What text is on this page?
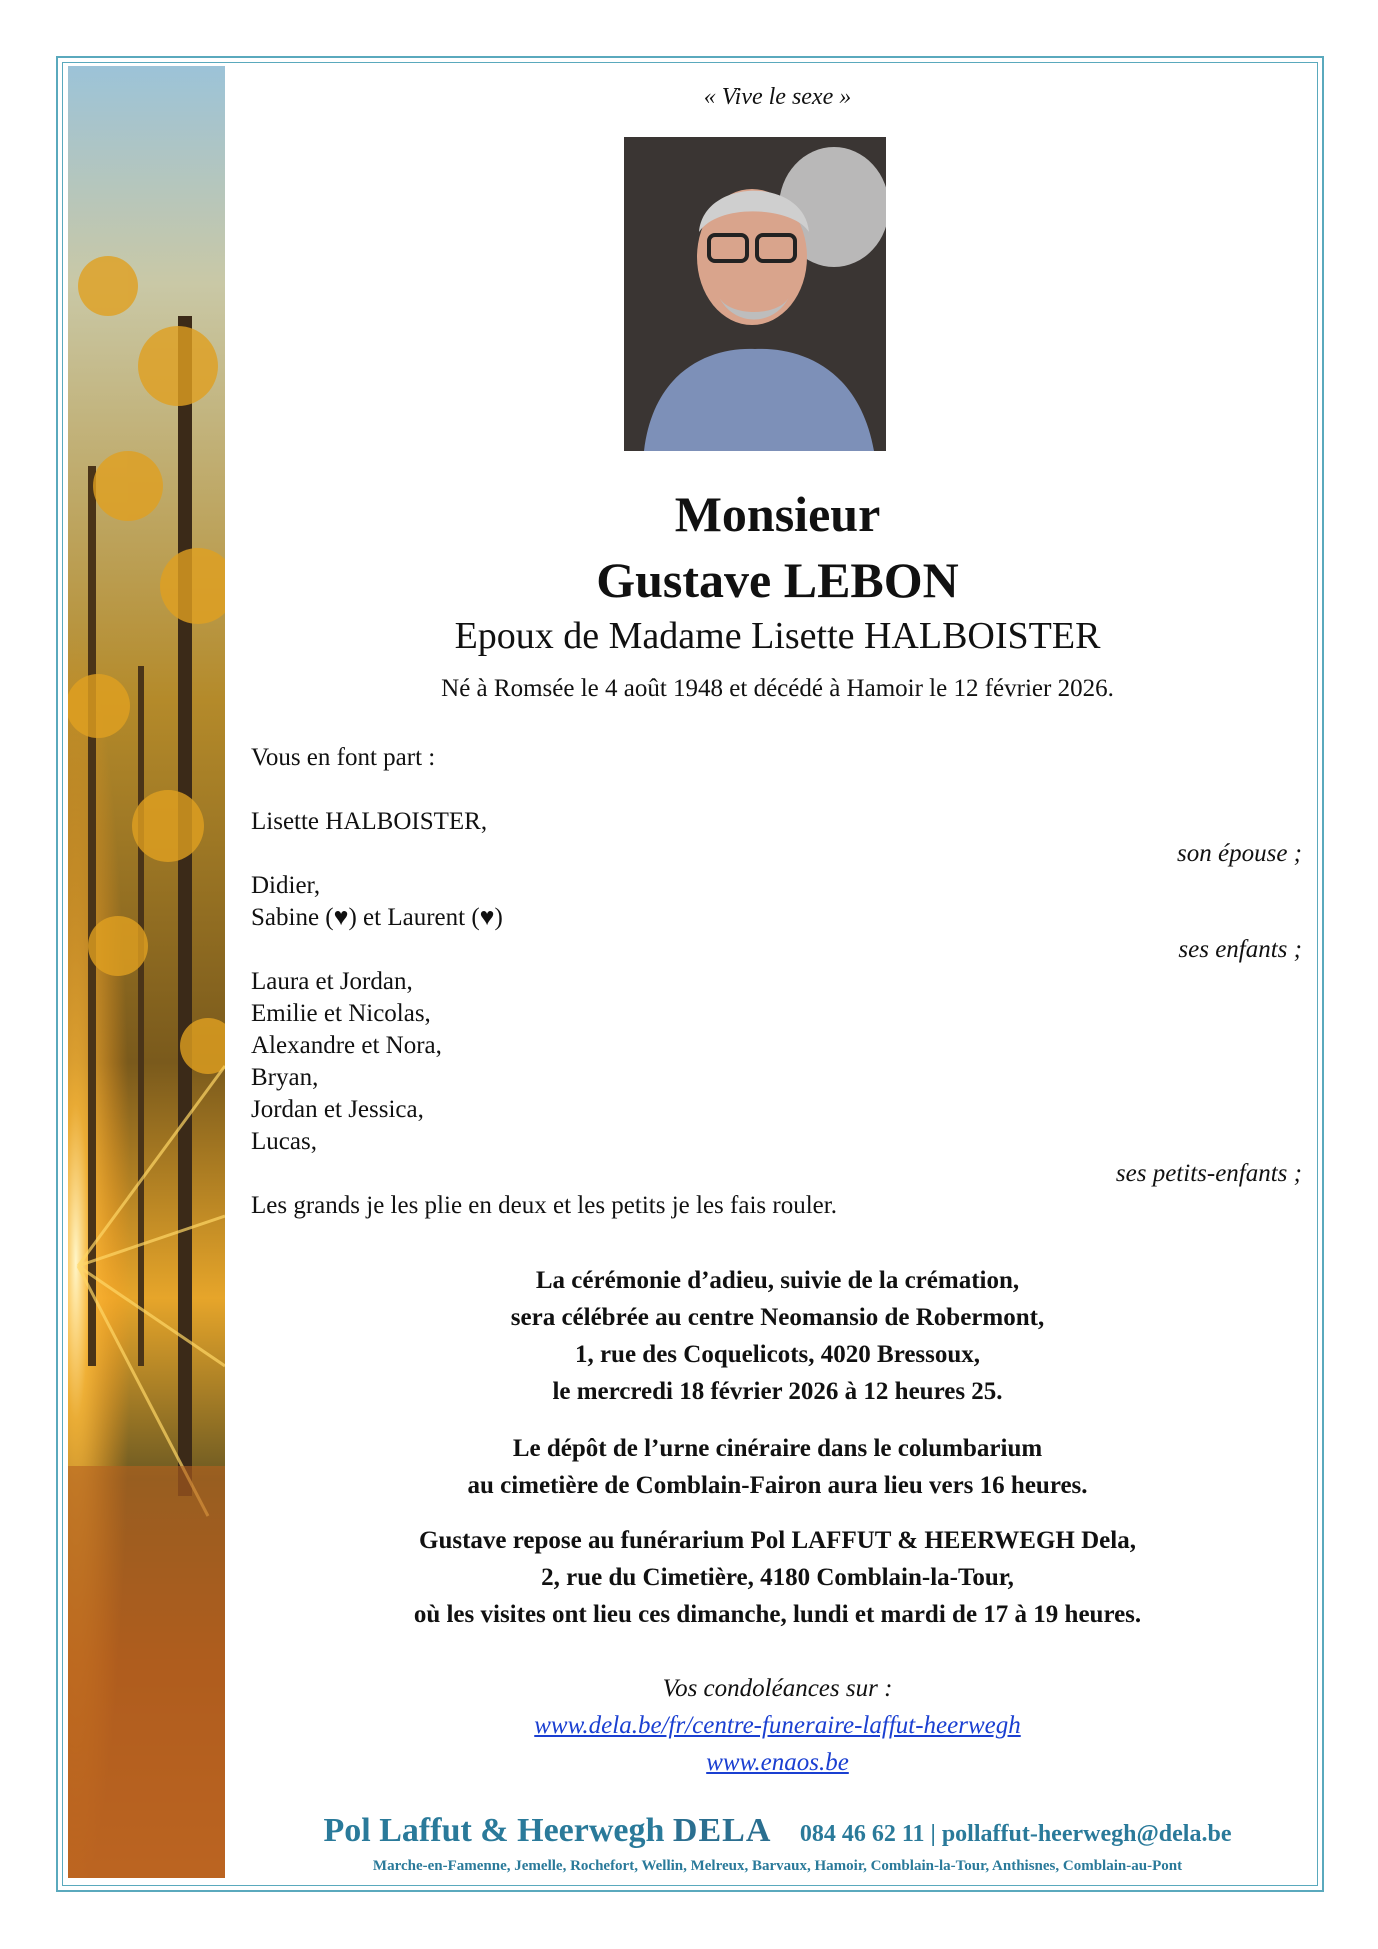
« Vive le sexe »
Monsieur
Gustave LEBON
Epoux de Madame Lisette HALBOISTER
Né à Romsée le 4 août 1948 et décédé à Hamoir le 12 février 2026.
Vous en font part :
Lisette HALBOISTER,
son épouse ;
Didier,
Sabine (♥) et Laurent (♥)
ses enfants ;
Laura et Jordan,
Emilie et Nicolas,
Alexandre et Nora,
Bryan,
Jordan et Jessica,
Lucas,
ses petits-enfants ;
Les grands je les plie en deux et les petits je les fais rouler.
La cérémonie d’adieu, suivie de la crémation,
sera célébrée au centre Neomansio de Robermont,
1, rue des Coquelicots, 4020 Bressoux,
le mercredi 18 février 2026 à 12 heures 25.
Le dépôt de l’urne cinéraire dans le columbarium
au cimetière de Comblain-Fairon aura lieu vers 16 heures.
Gustave repose au funérarium Pol LAFFUT & HEERWEGH Dela,
2, rue du Cimetière, 4180 Comblain-la-Tour,
où les visites ont lieu ces dimanche, lundi et mardi de 17 à 19 heures.
Vos condoléances sur :
www.dela.be/fr/centre-funeraire-laffut-heerwegh
www.enaos.be
Pol Laffut & Heerwegh DELA 084 46 62 11 | pollaffut-heerwegh@dela.be
Marche-en-Famenne, Jemelle, Rochefort, Wellin, Melreux, Barvaux, Hamoir, Comblain-la-Tour, Anthisnes, Comblain-au-Pont
